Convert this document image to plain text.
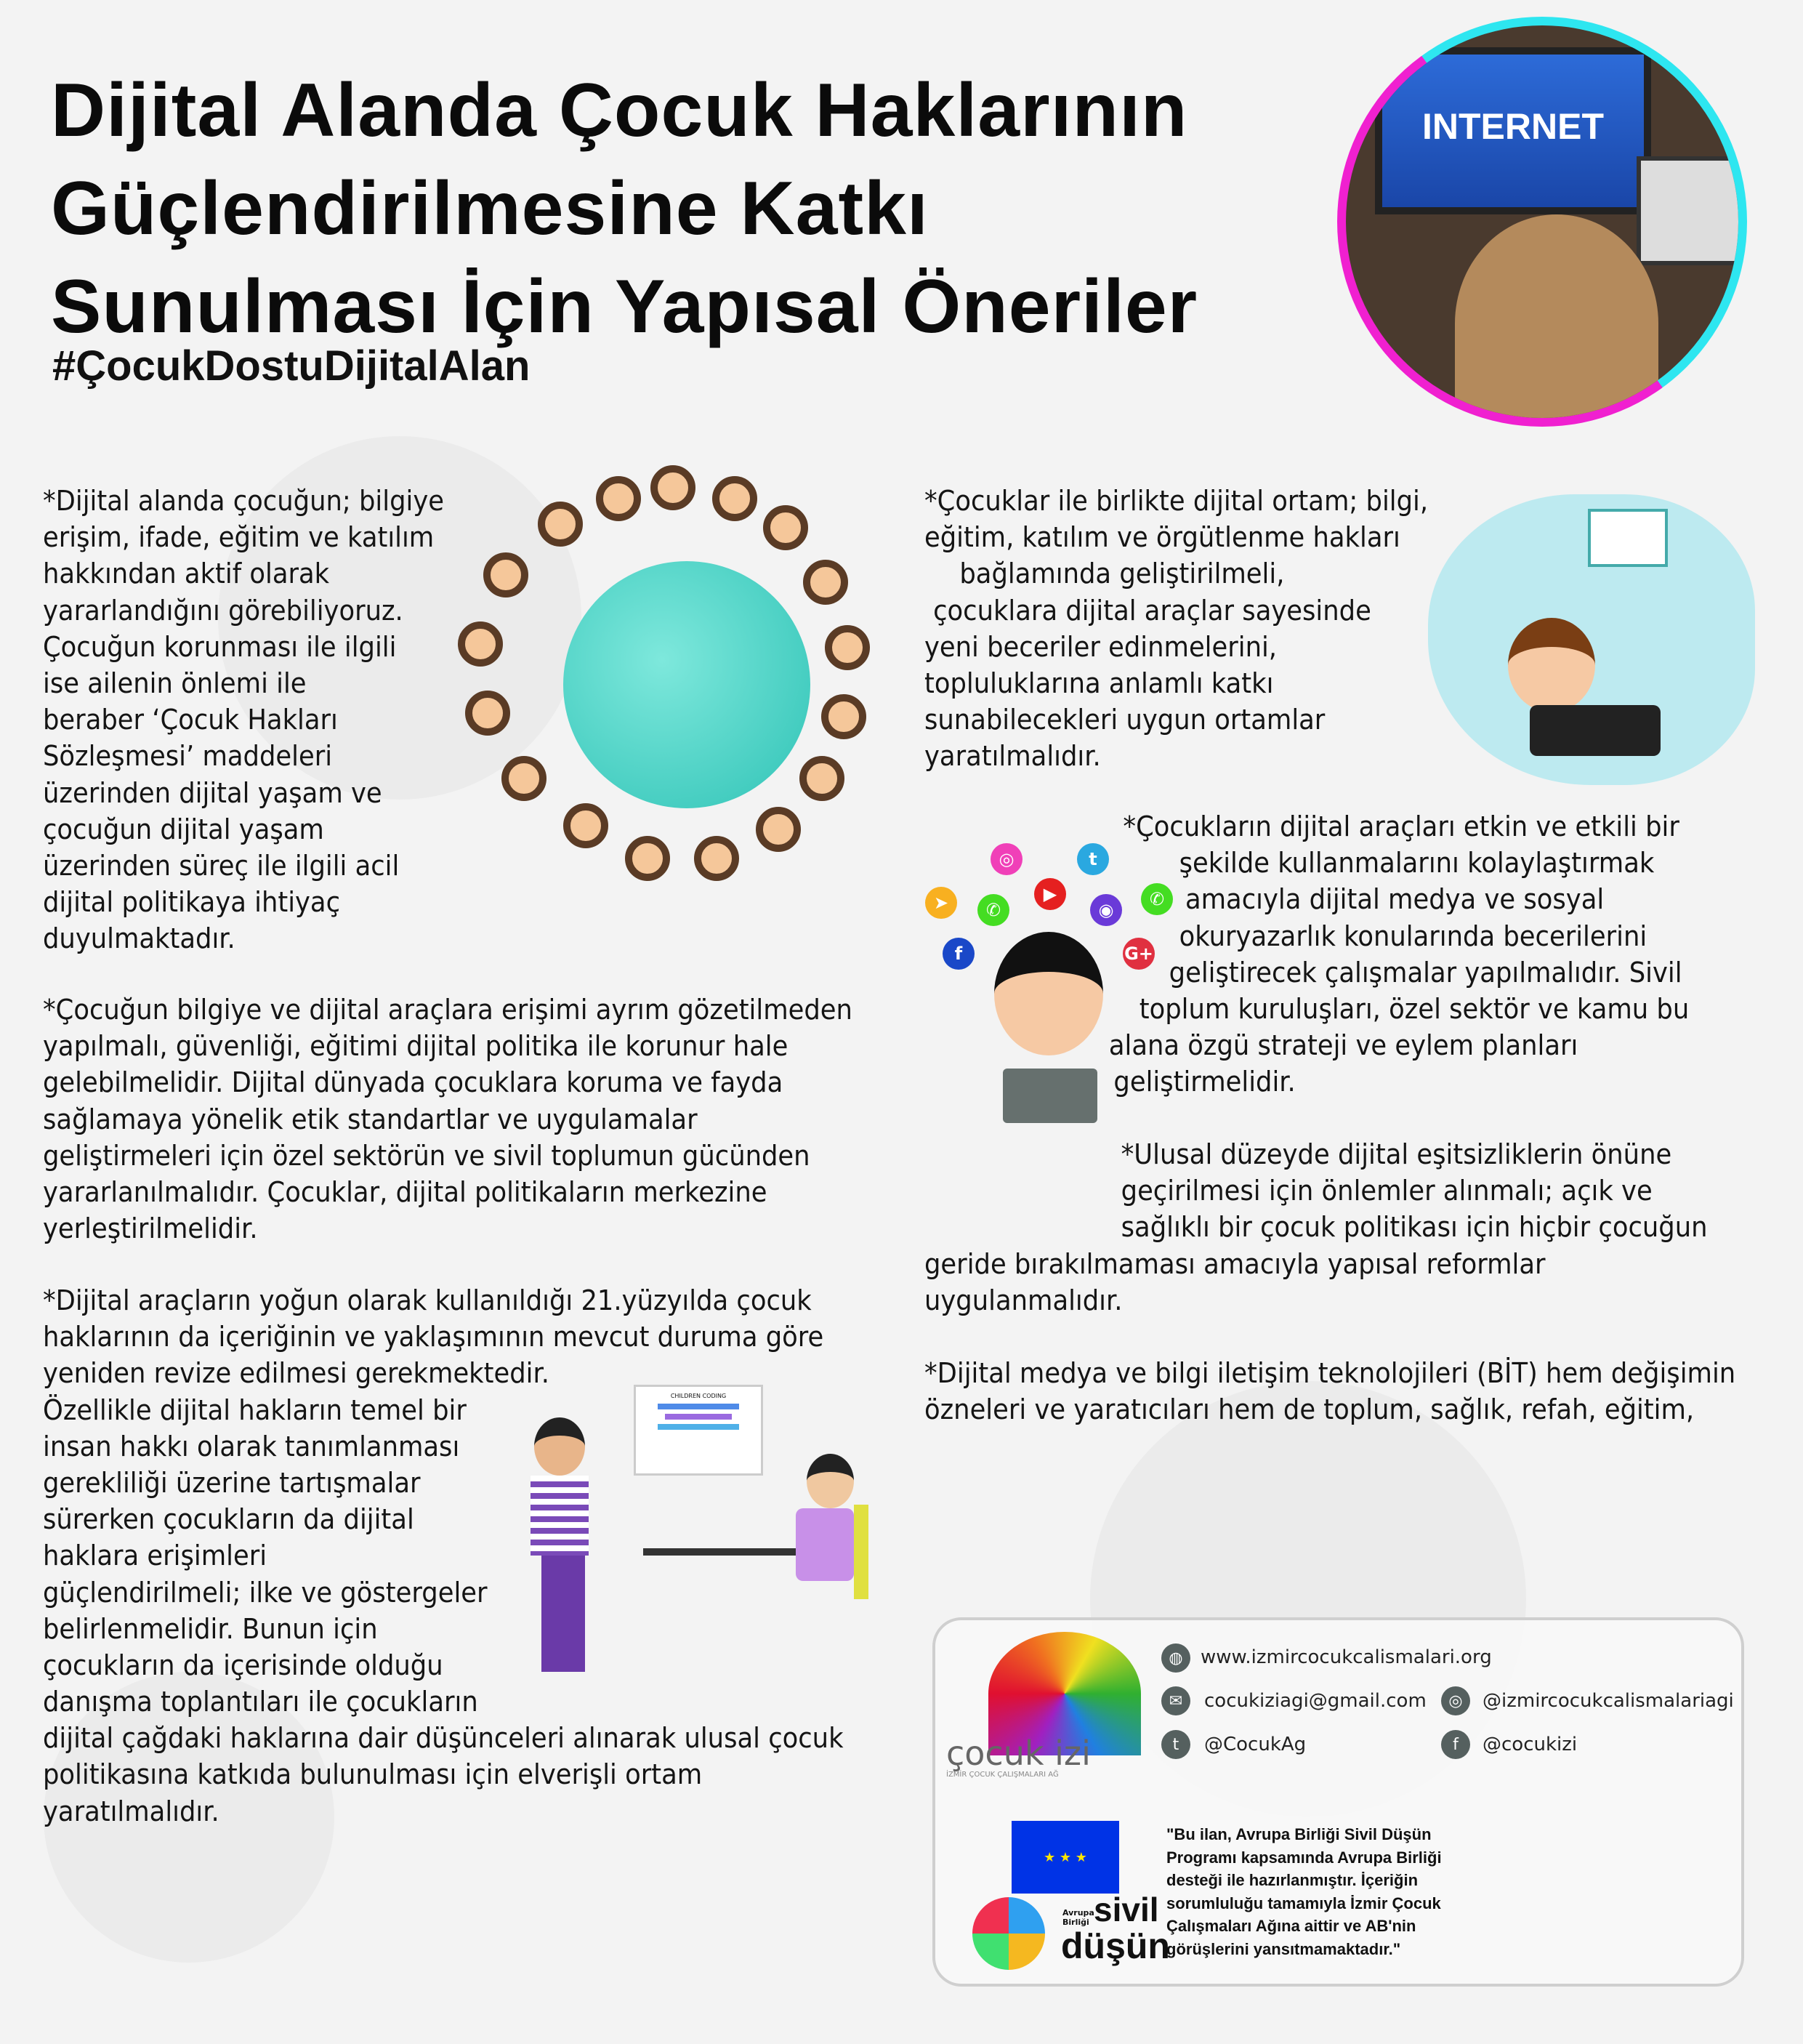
Dijital Alanda Çocuk Haklarının
Güçlendirilmesine Katkı
Sunulması İçin Yapısal Öneriler
#ÇocukDostuDijitalAlan
INTERNET
◎	t
➤	✆
▶
◉
✆
f	G+
CHILDREN CODING
*Dijital alanda çocuğun; bilgiye
erişim, ifade, eğitim ve katılım
hakkından aktif olarak
yararlandığını görebiliyoruz.
Çocuğun korunması ile ilgili
ise ailenin önlemi ile
beraber ‘Çocuk Hakları
Sözleşmesi’ maddeleri
üzerinden dijital yaşam ve
çocuğun dijital yaşam
üzerinden süreç ile ilgili acil
dijital politikaya ihtiyaç
duyulmaktadır.
*Çocuğun bilgiye ve dijital araçlara erişimi ayrım gözetilmeden
yapılmalı, güvenliği, eğitimi dijital politika ile korunur hale
gelebilmelidir. Dijital dünyada çocuklara koruma ve fayda
sağlamaya yönelik etik standartlar ve uygulamalar
geliştirmeleri için özel sektörün ve sivil toplumun gücünden
yararlanılmalıdır. Çocuklar, dijital politikaların merkezine
yerleştirilmelidir.
*Dijital araçların yoğun olarak kullanıldığı 21.yüzyılda çocuk
haklarının da içeriğinin ve yaklaşımının mevcut duruma göre
yeniden revize edilmesi gerekmektedir.
Özellikle dijital hakların temel bir
insan hakkı olarak tanımlanması
gerekliliği üzerine tartışmalar
sürerken çocukların da dijital
haklara erişimleri
güçlendirilmeli; ilke ve göstergeler
belirlenmelidir. Bunun için
çocukların da içerisinde olduğu
danışma toplantıları ile çocukların
dijital çağdaki haklarına dair düşünceleri alınarak ulusal çocuk
politikasına katkıda bulunulması için elverişli ortam
yaratılmalıdır.
*Çocuklar ile birlikte dijital ortam; bilgi,
eğitim, katılım ve örgütlenme hakları
bağlamında geliştirilmeli,
çocuklara dijital araçlar sayesinde
yeni beceriler edinmelerini,
topluluklarına anlamlı katkı
sunabilecekleri uygun ortamlar
yaratılmalıdır.
*Çocukların dijital araçları etkin ve etkili bir
şekilde kullanmalarını kolaylaştırmak
amacıyla dijital medya ve sosyal
okuryazarlık konularında becerilerini
geliştirecek çalışmalar yapılmalıdır. Sivil
toplum kuruluşları, özel sektör ve kamu bu
alana özgü strateji ve eylem planları
geliştirmelidir.
*Ulusal düzeyde dijital eşitsizliklerin önüne
geçirilmesi için önlemler alınmalı; açık ve
sağlıklı bir çocuk politikası için hiçbir çocuğun
geride bırakılmaması amacıyla yapısal reformlar
uygulanmalıdır.
*Dijital medya ve bilgi iletişim teknolojileri (BİT) hem değişimin
özneleri ve yaratıcıları hem de toplum, sağlık, refah, eğitim,
çocuk izi
İZMİR ÇOCUK ÇALIŞMALARI AĞ
◍ www.izmircocukcalismalari.org
✉	cocukiziagi@gmail.com	◎	@izmircocukcalismalariagi
t	@CocukAg	f	@cocukizi
★ ★ ★
Avrupa Birliği sivil
düşün
"Bu ilan, Avrupa Birliği Sivil Düşün
Programı kapsamında Avrupa Birliği
desteği ile hazırlanmıştır. İçeriğin
sorumluluğu tamamıyla İzmir Çocuk
Çalışmaları Ağına aittir ve AB'nin
görüşlerini yansıtmamaktadır."
